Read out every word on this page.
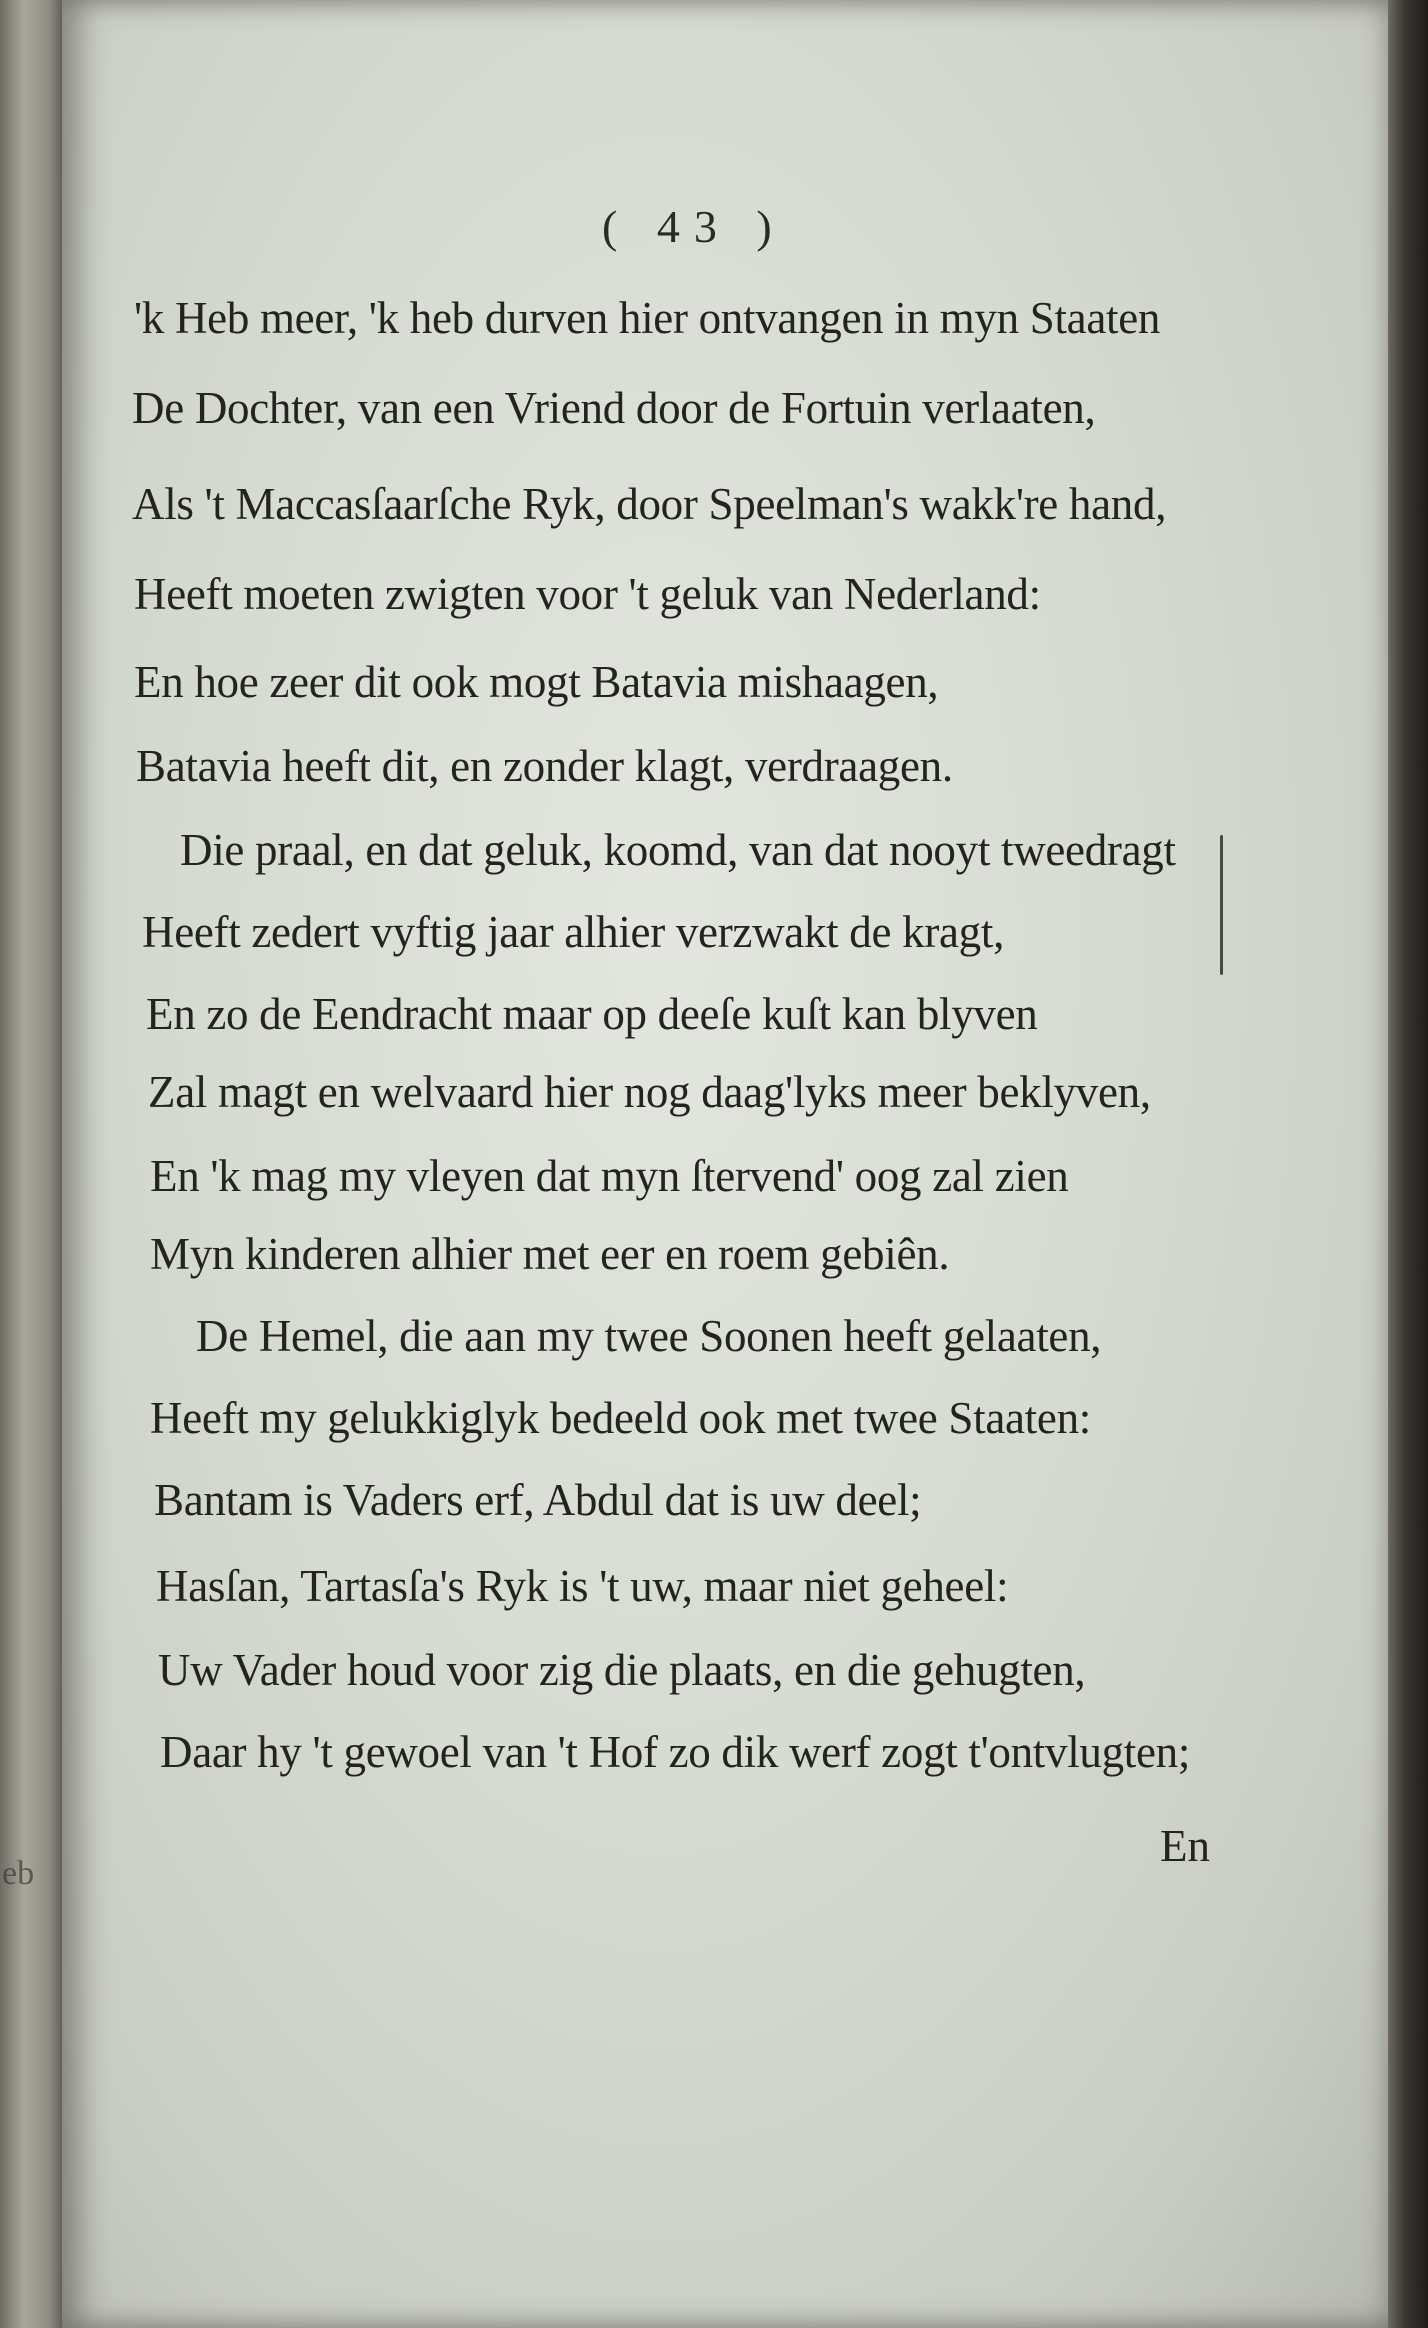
eb
( 43 )
'k Heb meer, 'k heb durven hier ontvangen in myn Staaten
De Dochter, van een Vriend door de Fortuin verlaaten,
Als 't Maccasſaarſche Ryk, door Speelman's wakk're hand,
Heeft moeten zwigten voor 't geluk van Nederland:
En hoe zeer dit ook mogt Batavia mishaagen,
Batavia heeft dit, en zonder klagt, verdraagen.
Die praal, en dat geluk, koomd, van dat nooyt tweedragt
Heeft zedert vyftig jaar alhier verzwakt de kragt,
En zo de Eendracht maar op deeſe kuſt kan blyven
Zal magt en welvaard hier nog daag'lyks meer beklyven,
En 'k mag my vleyen dat myn ſtervend' oog zal zien
Myn kinderen alhier met eer en roem gebiên.
De Hemel, die aan my twee Soonen heeft gelaaten,
Heeft my gelukkiglyk bedeeld ook met twee Staaten:
Bantam is Vaders erf, Abdul dat is uw deel;
Hasſan, Tartasſa's Ryk is 't uw, maar niet geheel:
Uw Vader houd voor zig die plaats, en die gehugten,
Daar hy 't gewoel van 't Hof zo dik werf zogt t'ontvlugten;
En
